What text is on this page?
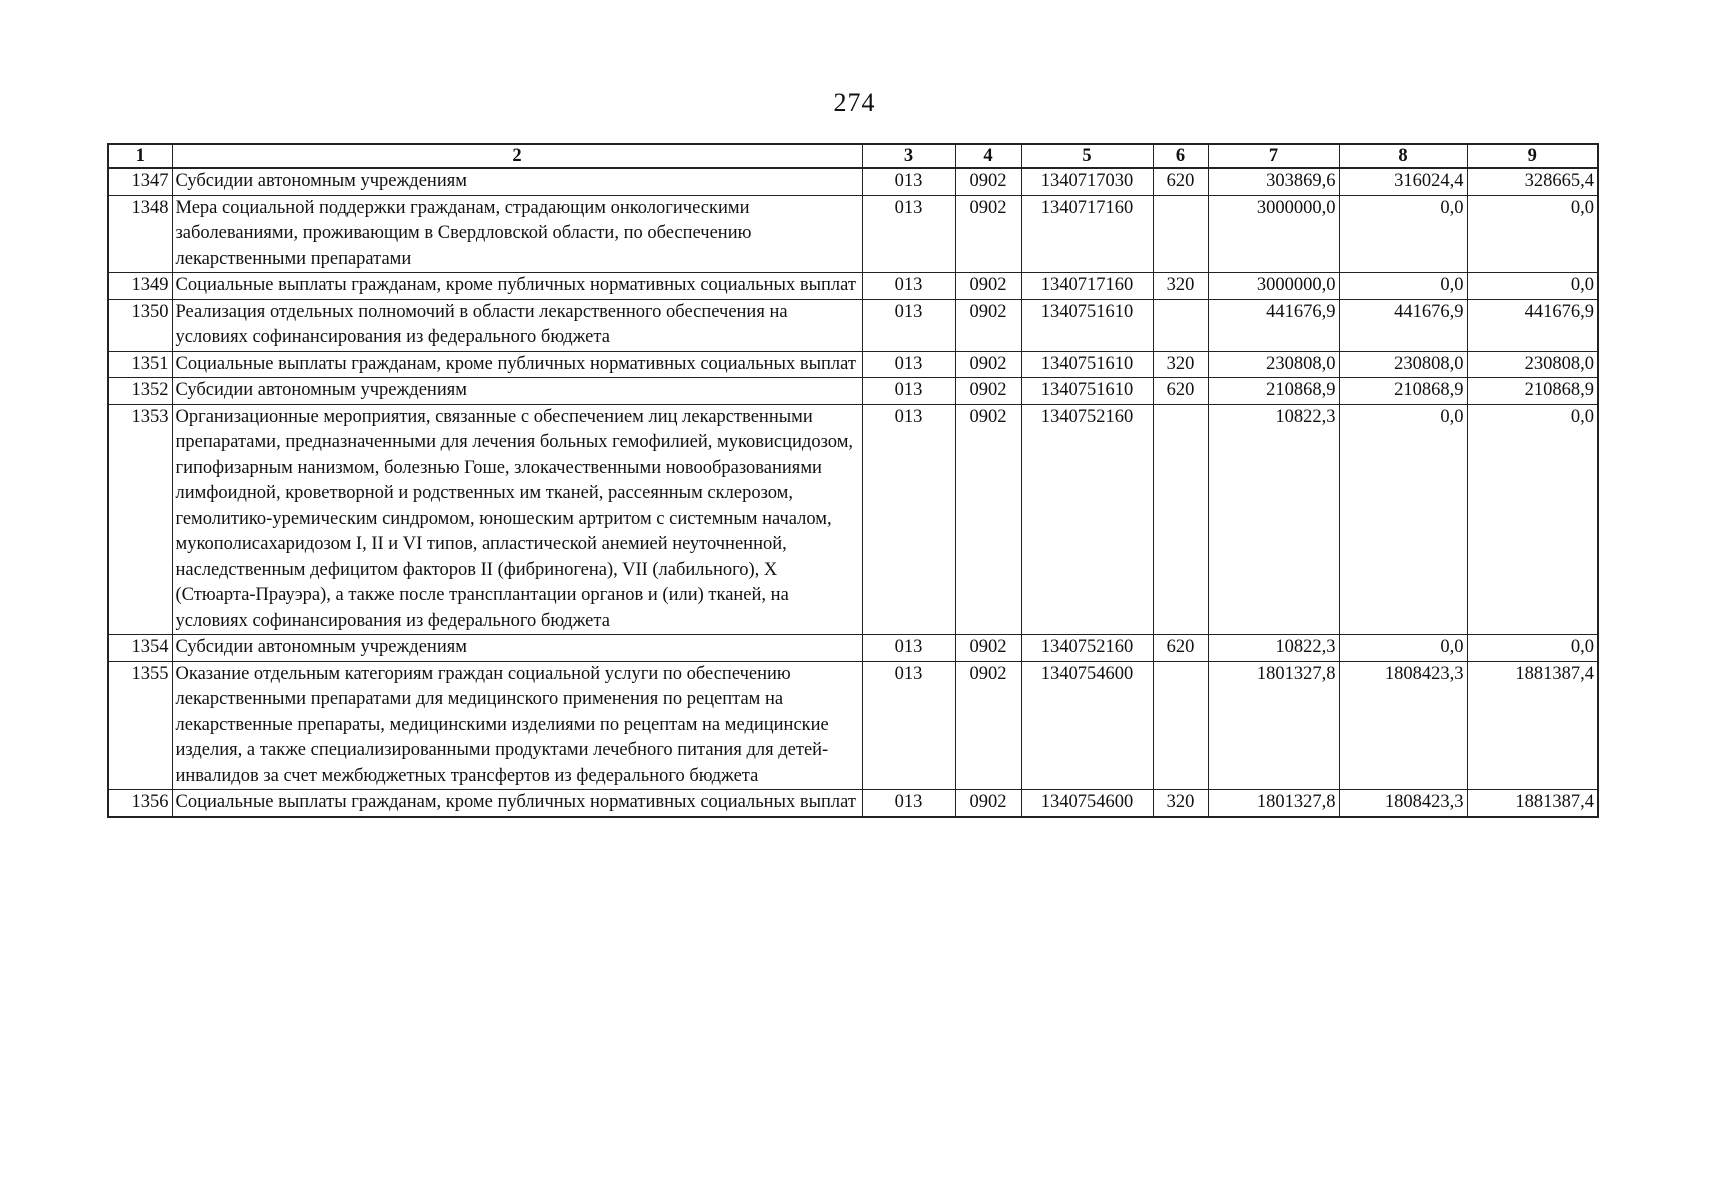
274
1	2	3	4	5	6	7	8	9
1347	Субсидии автономным учреждениям	013	0902	1340717030	620	303869,6	316024,4	328665,4
1348	Мера социальной поддержки гражданам, страдающим онкологическими заболеваниями, проживающим в Свердловской области, по обеспечению лекарственными препаратами	013	0902	1340717160		3000000,0	0,0	0,0
1349	Социальные выплаты гражданам, кроме публичных нормативных социальных выплат	013	0902	1340717160	320	3000000,0	0,0	0,0
1350	Реализация отдельных полномочий в области лекарственного обеспечения на условиях софинансирования из федерального бюджета	013	0902	1340751610		441676,9	441676,9	441676,9
1351	Социальные выплаты гражданам, кроме публичных нормативных социальных выплат	013	0902	1340751610	320	230808,0	230808,0	230808,0
1352	Субсидии автономным учреждениям	013	0902	1340751610	620	210868,9	210868,9	210868,9
1353	Организационные мероприятия, связанные с обеспечением лиц лекарственными препаратами, предназначенными для лечения больных гемофилией, муковисцидозом, гипофизарным нанизмом, болезнью Гоше, злокачественными новообразованиями лимфоидной, кроветворной и родственных им тканей, рассеянным склерозом, гемолитико-уремическим синдромом, юношеским артритом с системным началом, мукополисахаридозом I, II и VI типов, апластической анемией неуточненной, наследственным дефицитом факторов II (фибриногена), VII (лабильного), X (Стюарта-Прауэра), а также после трансплантации органов и (или) тканей, на условиях софинансирования из федерального бюджета	013	0902	1340752160		10822,3	0,0	0,0
1354	Субсидии автономным учреждениям	013	0902	1340752160	620	10822,3	0,0	0,0
1355	Оказание отдельным категориям граждан социальной услуги по обеспечению лекарственными препаратами для медицинского применения по рецептам на лекарственные препараты, медицинскими изделиями по рецептам на медицинские изделия, а также специализированными продуктами лечебного питания для детей-инвалидов за счет межбюджетных трансфертов из федерального бюджета	013	0902	1340754600		1801327,8	1808423,3	1881387,4
1356	Социальные выплаты гражданам, кроме публичных нормативных социальных выплат	013	0902	1340754600	320	1801327,8	1808423,3	1881387,4
